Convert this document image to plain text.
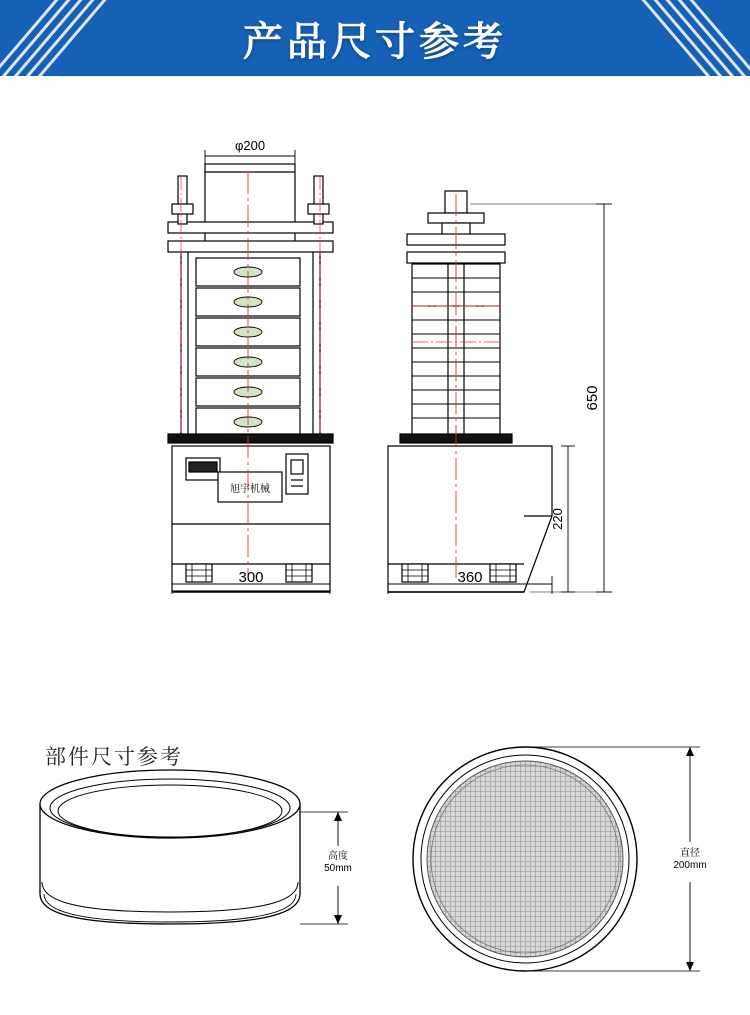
产品尺寸参考
旭宇机械
φ200
300
650
220
360
高度
50mm
直径
200mm
部件尺寸参考
